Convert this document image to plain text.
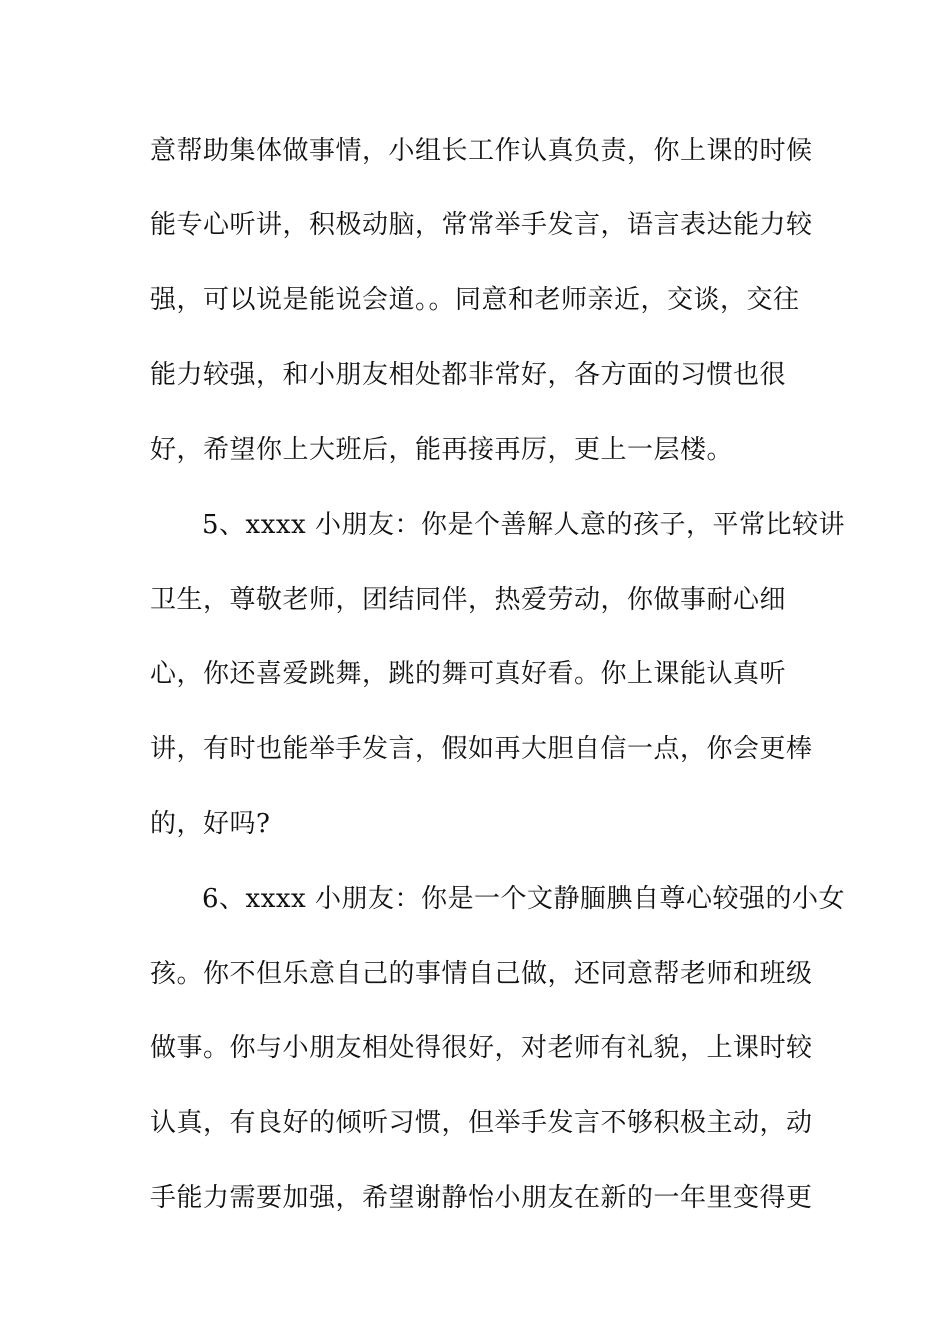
意帮助集体做事情，小组长工作认真负责，你上课的时候
能专心听讲，积极动脑，常常举手发言，语言表达能力较
强，可以说是能说会道。。同意和老师亲近，交谈，交往
能力较强，和小朋友相处都非常好，各方面的习惯也很
好，希望你上大班后，能再接再厉，更上一层楼。
5、xxxx 小朋友：你是个善解人意的孩子，平常比较讲
卫生，尊敬老师，团结同伴，热爱劳动，你做事耐心细
心，你还喜爱跳舞，跳的舞可真好看。你上课能认真听
讲，有时也能举手发言，假如再大胆自信一点，你会更棒
的，好吗?
6、xxxx 小朋友：你是一个文静腼腆自尊心较强的小女
孩。你不但乐意自己的事情自己做，还同意帮老师和班级
做事。你与小朋友相处得很好，对老师有礼貌，上课时较
认真，有良好的倾听习惯，但举手发言不够积极主动，动
手能力需要加强，希望谢静怡小朋友在新的一年里变得更
